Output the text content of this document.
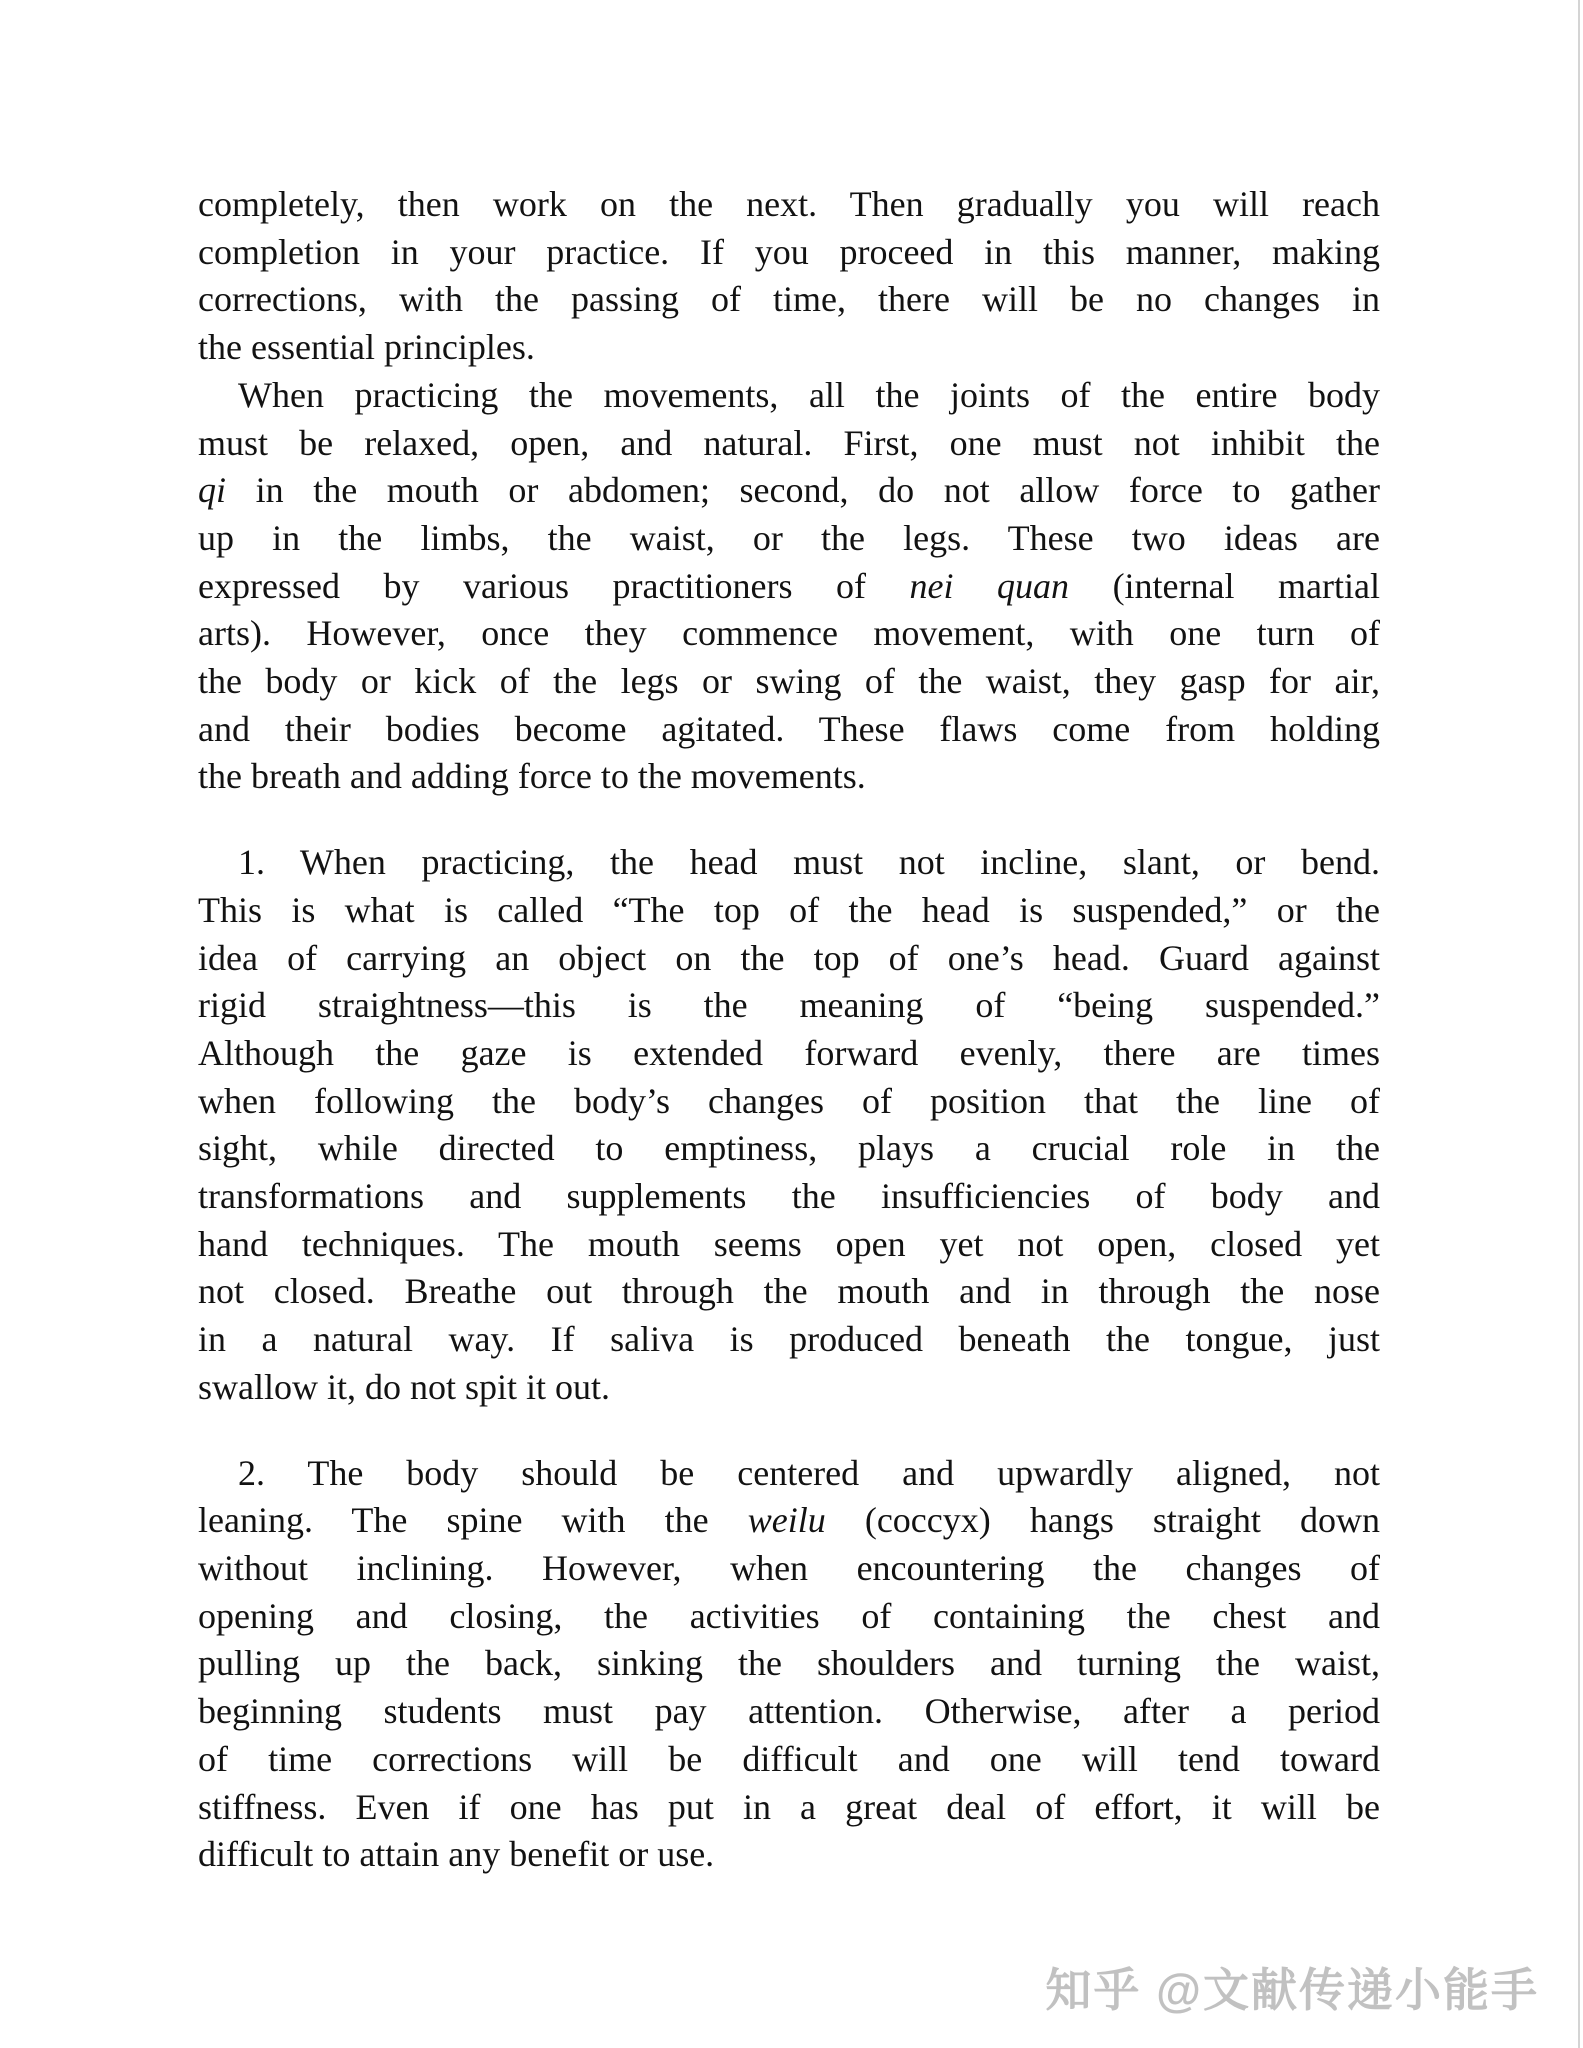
completely, then work on the next. Then gradually you will reach
completion in your practice. If you proceed in this manner, making
corrections, with the passing of time, there will be no changes in
the essential principles.
When practicing the movements, all the joints of the entire body
must be relaxed, open, and natural. First, one must not inhibit the
qi in the mouth or abdomen; second, do not allow force to gather
up in the limbs, the waist, or the legs. These two ideas are
expressed by various practitioners of nei quan (internal martial
arts). However, once they commence movement, with one turn of
the body or kick of the legs or swing of the waist, they gasp for air,
and their bodies become agitated. These flaws come from holding
the breath and adding force to the movements.
1. When practicing, the head must not incline, slant, or bend.
This is what is called “The top of the head is suspended,” or the
idea of carrying an object on the top of one’s head. Guard against
rigid straightness—this is the meaning of “being suspended.”
Although the gaze is extended forward evenly, there are times
when following the body’s changes of position that the line of
sight, while directed to emptiness, plays a crucial role in the
transformations and supplements the insufficiencies of body and
hand techniques. The mouth seems open yet not open, closed yet
not closed. Breathe out through the mouth and in through the nose
in a natural way. If saliva is produced beneath the tongue, just
swallow it, do not spit it out.
2. The body should be centered and upwardly aligned, not
leaning. The spine with the weilu (coccyx) hangs straight down
without inclining. However, when encountering the changes of
opening and closing, the activities of containing the chest and
pulling up the back, sinking the shoulders and turning the waist,
beginning students must pay attention. Otherwise, after a period
of time corrections will be difficult and one will tend toward
stiffness. Even if one has put in a great deal of effort, it will be
difficult to attain any benefit or use.
知乎 @文献传递小能手
